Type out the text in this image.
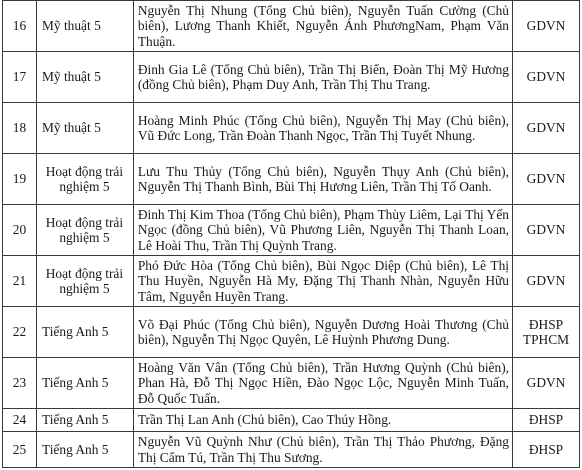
16	Mỹ thuật 5	Nguyễn Thị Nhung (Tổng Chủ biên), Nguyễn Tuấn Cường (Chủ biên), Lương Thanh Khiết, Nguyễn Ánh PhươngNam, Phạm Văn Thuận.	GDVN
17	Mỹ thuật 5	Đinh Gia Lê (Tổng Chủ biên), Trần Thị Biển, Đoàn Thị Mỹ Hương (đồng Chủ biên), Phạm Duy Anh, Trần Thị Thu Trang.	GDVN
18	Mỹ thuật 5	Hoàng Minh Phúc (Tổng Chủ biên), Nguyễn Thị May (Chủ biên), Vũ Đức Long, Trần Đoàn Thanh Ngọc, Trần Thị Tuyết Nhung.	GDVN
19	Hoạt động trải nghiệm 5	Lưu Thu Thủy (Tổng Chủ biên), Nguyễn Thụy Anh (Chủ biên), Nguyễn Thị Thanh Bình, Bùi Thị Hương Liên, Trần Thị Tố Oanh.	GDVN
20	Hoạt động trải nghiệm 5	Đinh Thị Kim Thoa (Tổng Chủ biên), Phạm Thùy Liêm, Lại Thị Yến Ngọc (đồng Chủ biên), Vũ Phương Liên, Nguyễn Thị Thanh Loan, Lê Hoài Thu, Trần Thị Quỳnh Trang.	GDVN
21	Hoạt động trải nghiệm 5	Phó Đức Hòa (Tổng Chủ biên), Bùi Ngọc Diệp (Chủ biên), Lê Thị Thu Huyền, Nguyễn Hà My, Đặng Thị Thanh Nhàn, Nguyễn Hữu Tâm, Nguyễn Huyền Trang.	GDVN
22	Tiếng Anh 5	Võ Đại Phúc (Tổng Chủ biên), Nguyễn Dương Hoài Thương (Chủ biên), Nguyễn Thị Ngọc Quyên, Lê Huỳnh Phương Dung.	ĐHSP TPHCM
23	Tiếng Anh 5	Hoàng Văn Vân (Tổng Chủ biên), Trần Hương Quỳnh (Chủ biên), Phan Hà, Đỗ Thị Ngọc Hiền, Đào Ngọc Lộc, Nguyễn Minh Tuấn, Đỗ Quốc Tuấn.	GDVN
24	Tiếng Anh 5	Trần Thị Lan Anh (Chủ biên), Cao Thúy Hồng.	ĐHSP
25	Tiếng Anh 5	Nguyễn Vũ Quỳnh Như (Chủ biên), Trần Thị Thảo Phương, Đặng Thị Cẩm Tú, Trần Thị Thu Sương.	ĐHSP
